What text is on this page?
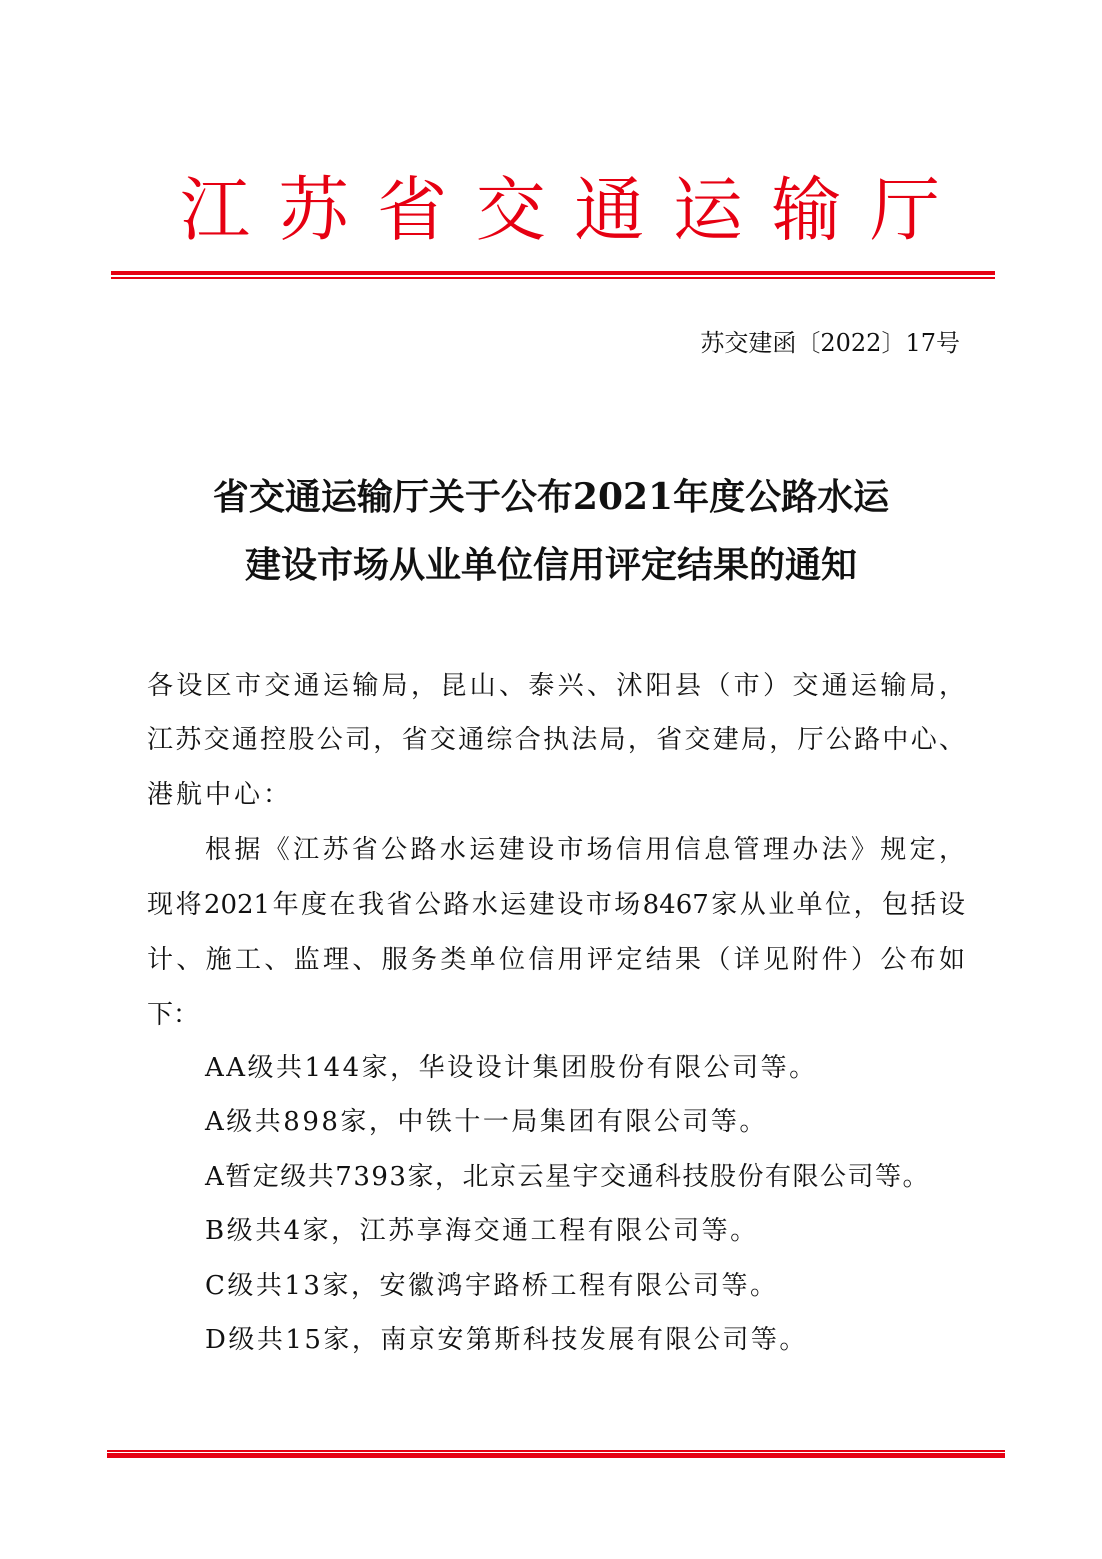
江 苏 省 交 通 运 输 厅
苏交建函〔2022〕17号
省交通运输厅关于公布2021年度公路水运
建设市场从业单位信用评定结果的通知
各设区市交通运输局，昆山、泰兴、沭阳县（市）交通运输局，
江苏交通控股公司，省交通综合执法局，省交建局，厅公路中心、
港航中心：
根据《江苏省公路水运建设市场信用信息管理办法》规定，
现将2021年度在我省公路水运建设市场8467家从业单位，包括设
计、施工、监理、服务类单位信用评定结果（详见附件）公布如
下：
AA级共144家，华设设计集团股份有限公司等。
A级共898家，中铁十一局集团有限公司等。
A暂定级共7393家，北京云星宇交通科技股份有限公司等。
B级共4家，江苏享海交通工程有限公司等。
C级共13家，安徽鸿宇路桥工程有限公司等。
D级共15家，南京安第斯科技发展有限公司等。
